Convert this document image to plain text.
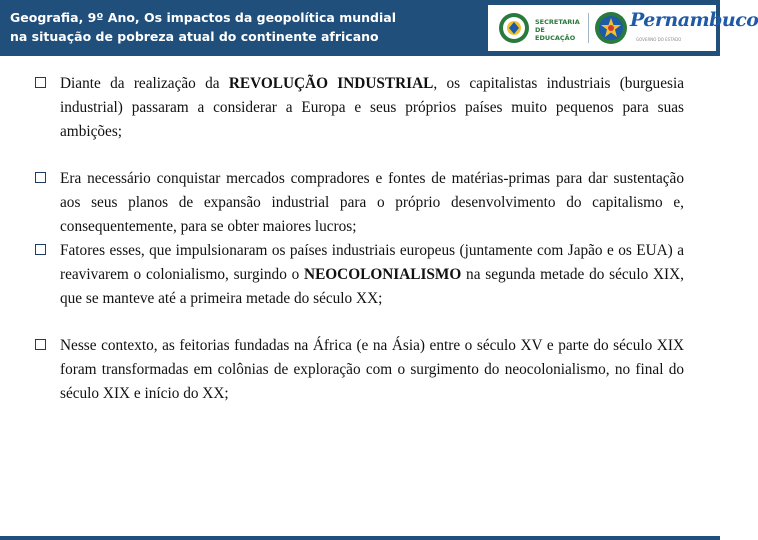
Geografia, 9º Ano, Os impactos da geopolítica mundial
na situação de pobreza atual do continente africano
SECRETARIA
DE EDUCAÇÃO
Pernambuco
GOVERNO DO ESTADO

Diante da realização da REVOLUÇÃO INDUSTRIAL, os capitalistas industriais (burguesia industrial) passaram a considerar a Europa e seus próprios países muito pequenos para suas ambições;

Era necessário conquistar mercados compradores e fontes de matérias-primas para dar sustentação aos seus planos de expansão industrial para o próprio desenvolvimento do capitalismo e, consequentemente, para se obter maiores lucros;

Fatores esses, que impulsionaram os países industriais europeus (juntamente com Japão e os EUA) a reavivarem o colonialismo, surgindo o NEOCOLONIALISMO na segunda metade do século XIX, que se manteve até a primeira metade do século XX;

Nesse contexto, as feitorias fundadas na África (e na Ásia) entre o século XV e parte do século XIX foram transformadas em colônias de exploração com o surgimento do neocolonialismo, no final do século XIX e início do XX;
